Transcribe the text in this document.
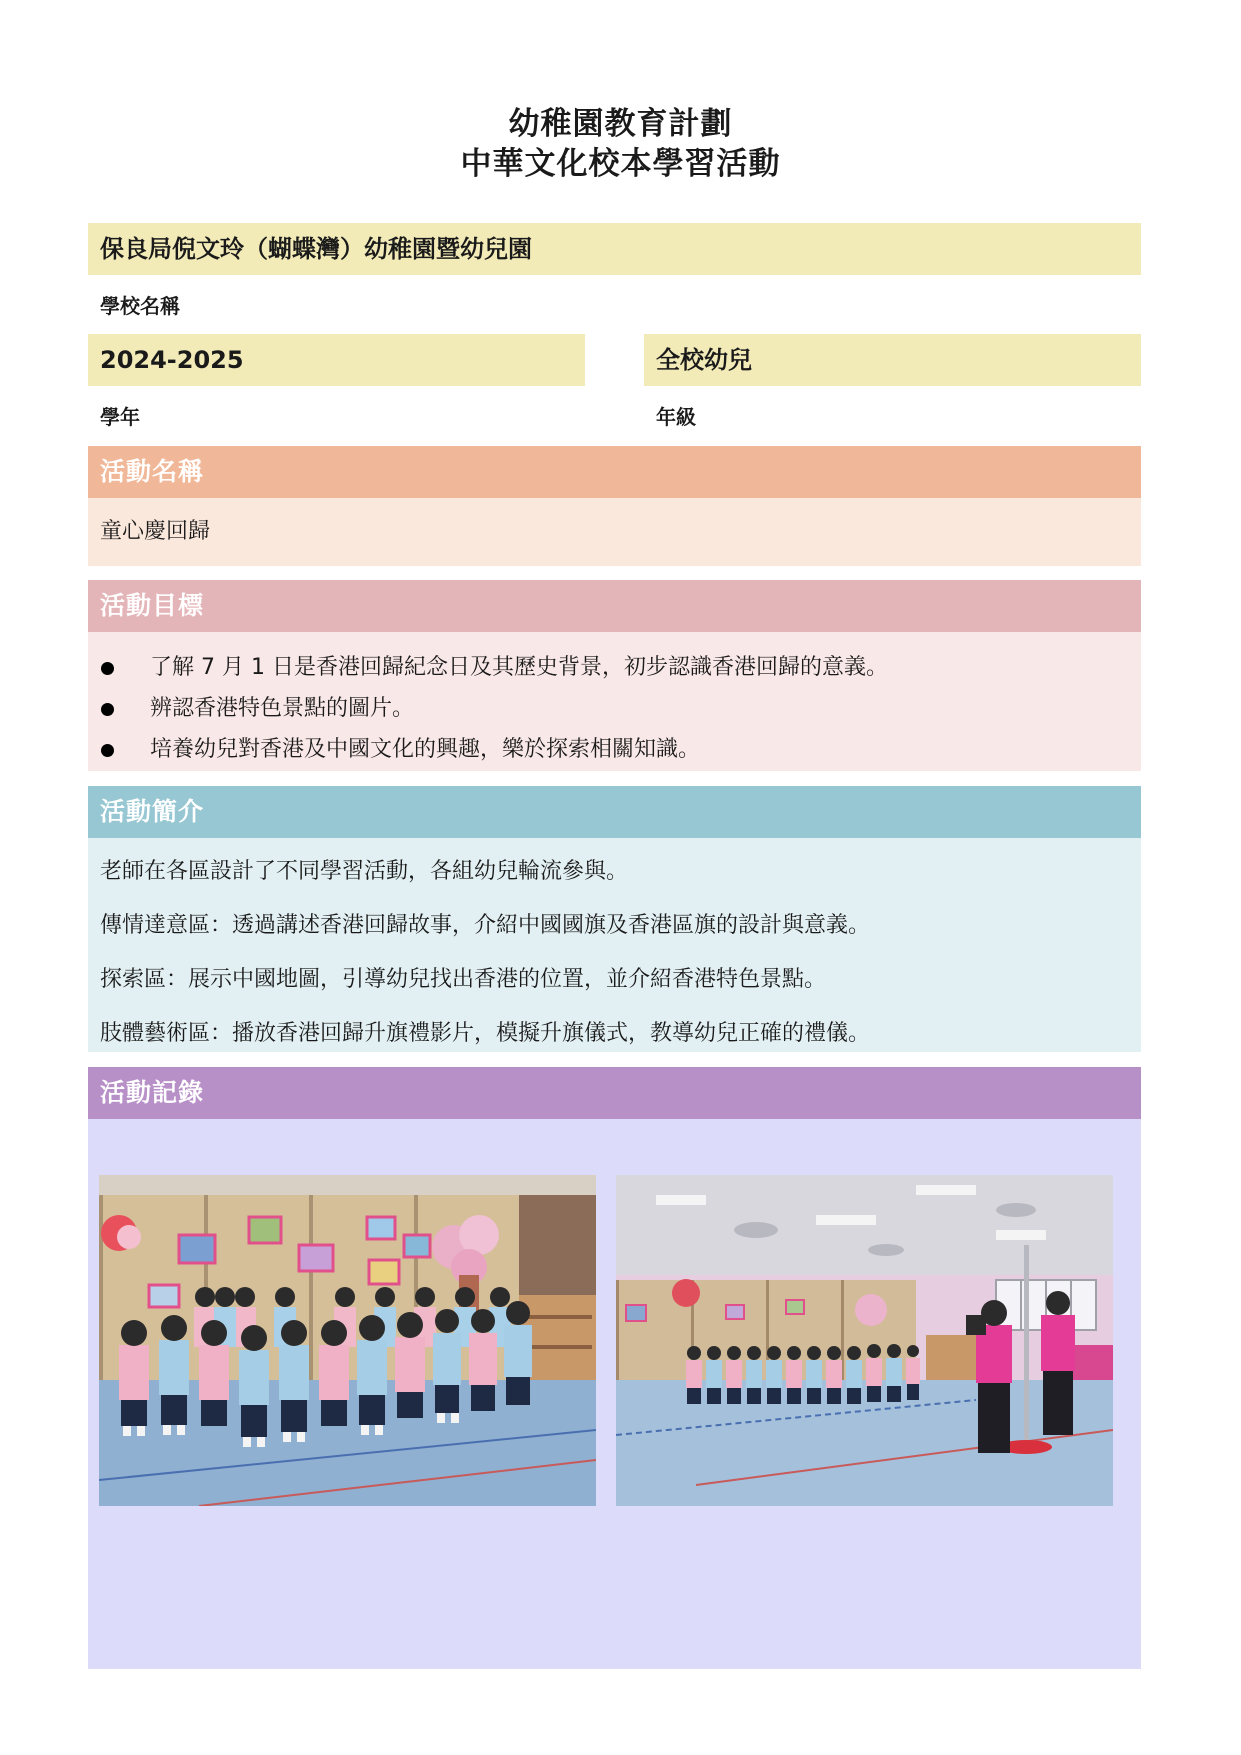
幼稚園教育計劃
中華文化校本學習活動
保良局倪文玲（蝴蝶灣）幼稚園暨幼兒園
學校名稱
2024-2025
學年
全校幼兒
年級
活動名稱
童心慶回歸
活動目標
了解 7 月 1 日是香港回歸紀念日及其歷史背景，初步認識香港回歸的意義。
辨認香港特色景點的圖片。
培養幼兒對香港及中國文化的興趣，樂於探索相關知識。
活動簡介
老師在各區設計了不同學習活動，各組幼兒輪流參與。
傳情達意區：透過講述香港回歸故事，介紹中國國旗及香港區旗的設計與意義。
探索區：展示中國地圖，引導幼兒找出香港的位置，並介紹香港特色景點。
肢體藝術區：播放香港回歸升旗禮影片，模擬升旗儀式，教導幼兒正確的禮儀。
活動記錄
